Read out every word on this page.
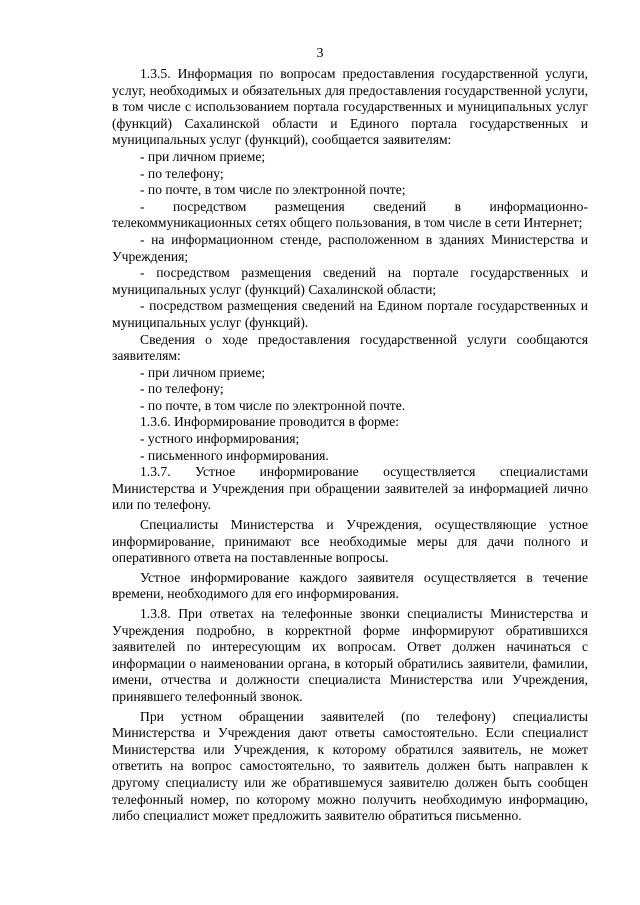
3

1.3.5. Информация по вопросам предоставления государственной услуги, услуг, необходимых и обязательных для предоставления государственной услуги, в том числе с использованием портала государственных и муниципальных услуг (функций) Сахалинской области и Единого портала государственных и муниципальных услуг (функций), сообщается заявителям:

- при личном приеме;

- по телефону;

- по почте, в том числе по электронной почте;

- посредством размещения сведений в информационно-телекоммуникационных сетях общего пользования, в том числе в сети Интернет;

- на информационном стенде, расположенном в зданиях Министерства и Учреждения;

- посредством размещения сведений на портале государственных и муниципальных услуг (функций) Сахалинской области;

- посредством размещения сведений на Едином портале государственных и муниципальных услуг (функций).

Сведения о ходе предоставления государственной услуги сообщаются заявителям:

- при личном приеме;

- по телефону;

- по почте, в том числе по электронной почте.

1.3.6. Информирование проводится в форме:

- устного информирования;

- письменного информирования.

1.3.7. Устное информирование осуществляется специалистами Министерства и Учреждения при обращении заявителей за информацией лично или по телефону.

Специалисты Министерства и Учреждения, осуществляющие устное информирование, принимают все необходимые меры для дачи полного и оперативного ответа на поставленные вопросы.

Устное информирование каждого заявителя осуществляется в течение времени, необходимого для его информирования.

1.3.8. При ответах на телефонные звонки специалисты Министерства и Учреждения подробно, в корректной форме информируют обратившихся заявителей по интересующим их вопросам. Ответ должен начинаться с информации о наименовании органа, в который обратились заявители, фамилии, имени, отчества и должности специалиста Министерства или Учреждения, принявшего телефонный звонок.

При устном обращении заявителей (по телефону) специалисты Министерства и Учреждения дают ответы самостоятельно. Если специалист Министерства или Учреждения, к которому обратился заявитель, не может ответить на вопрос самостоятельно, то заявитель должен быть направлен к другому специалисту или же обратившемуся заявителю должен быть сообщен телефонный номер, по которому можно получить необходимую информацию, либо специалист может предложить заявителю обратиться письменно.
